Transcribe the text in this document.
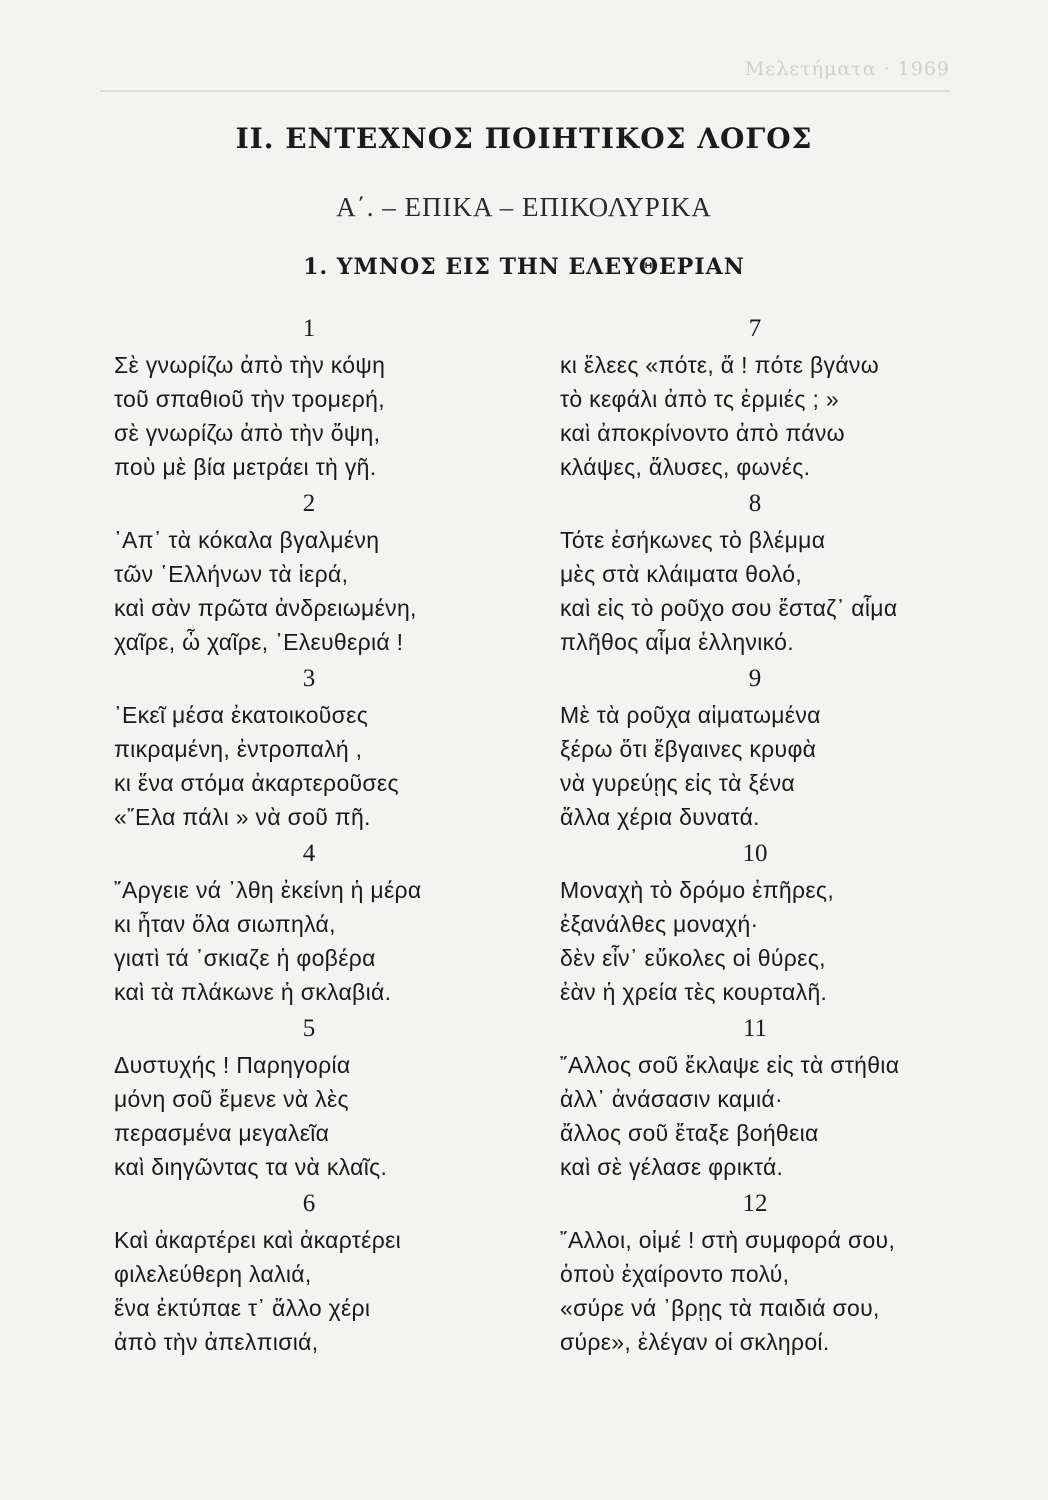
Μελετήματα · 1969
II. ΕΝΤΕΧΝΟΣ ΠΟΙΗΤΙΚΟΣ ΛΟΓΟΣ
Α΄. – ΕΠΙΚΑ – ΕΠΙΚΟΛΥΡΙΚΑ
1. ΥΜΝΟΣ ΕΙΣ ΤΗΝ ΕΛΕΥΘΕΡΙΑΝ
1
Σὲ γνωρίζω ἀπὸ τὴν κόψη
τοῦ σπαθιοῦ τὴν τρομερή,
σὲ γνωρίζω ἀπὸ τὴν ὄψη,
ποὺ μὲ βία μετράει τὴ γῆ.
2
᾿Απ᾿ τὰ κόκαλα βγαλμένη
τῶν ῾Ελλήνων τὰ ἱερά,
καὶ σὰν πρῶτα ἀνδρειωμένη,
χαῖρε, ὦ χαῖρε, ᾿Ελευθεριά !
3
᾿Εκεῖ μέσα ἐκατοικοῦσες
πικραμένη, ἐντροπαλή ,
κι ἕνα στόμα ἀκαρτεροῦσες
«῎Ελα πάλι » νὰ σοῦ πῆ.
4
῎Αργειε νά ᾿λθη ἐκείνη ἡ μέρα
κι ἦταν ὅλα σιωπηλά,
γιατὶ τά ᾿σκιαζε ἡ φοβέρα
καὶ τὰ πλάκωνε ἡ σκλαβιά.
5
Δυστυχής ! Παρηγορία
μόνη σοῦ ἔμενε νὰ λὲς
περασμένα μεγαλεῖα
καὶ διηγῶντας τα νὰ κλαῖς.
6
Καὶ ἀκαρτέρει καὶ ἀκαρτέρει
φιλελεύθερη λαλιά,
ἕνα ἐκτύπαε τ᾿ ἄλλο χέρι
ἀπὸ τὴν ἀπελπισιά,
7
κι ἔλεες «πότε, ἄ ! πότε βγάνω
τὸ κεφάλι ἀπὸ τς ἐρμιές ; »
καὶ ἀποκρίνοντο ἀπὸ πάνω
κλάψες, ἅλυσες, φωνές.
8
Τότε ἐσήκωνες τὸ βλέμμα
μὲς στὰ κλάιματα θολό,
καὶ εἰς τὸ ροῦχο σου ἔσταζ᾿ αἷμα
πλῆθος αἷμα ἑλληνικό.
9
Μὲ τὰ ροῦχα αἱματωμένα
ξέρω ὅτι ἔβγαινες κρυφὰ
νὰ γυρεύῃς εἰς τὰ ξένα
ἄλλα χέρια δυνατά.
10
Μοναχὴ τὸ δρόμο ἐπῆρες,
ἐξανάλθες μοναχή·
δὲν εἶν᾿ εὔκολες οἱ θύρες,
ἐὰν ἡ χρεία τὲς κουρταλῆ.
11
῎Αλλος σοῦ ἔκλαψε εἰς τὰ στήθια
ἀλλ᾿ ἀνάσασιν καμιά·
ἄλλος σοῦ ἔταξε βοήθεια
καὶ σὲ γέλασε φρικτά.
12
῎Αλλοι, οἱμέ ! στὴ συμφορά σου,
ὁποὺ ἐχαίροντο πολύ,
«σύρε νά ᾿βρῃς τὰ παιδιά σου,
σύρε», ἐλέγαν οἱ σκληροί.
